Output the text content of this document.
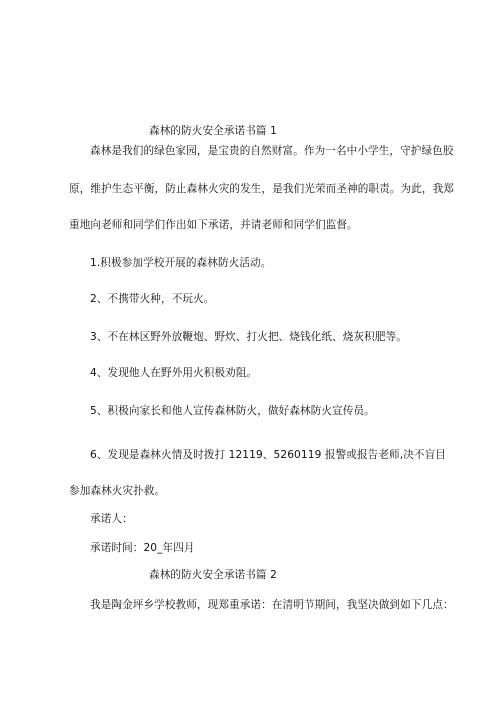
森林的防火安全承诺书篇 1
森林是我们的绿色家园，是宝贵的自然财富。作为一名中小学生，守护绿色胶
原，维护生态平衡，防止森林火灾的发生，是我们光荣而圣神的职责。为此，我郑
重地向老师和同学们作出如下承诺，并请老师和同学们监督。
1.积极参加学校开展的森林防火活动。
2、不携带火种，不玩火。
3、不在林区野外放鞭炮、野炊、打火把、烧钱化纸、烧灰积肥等。
4、发现他人在野外用火积极劝阻。
5、积极向家长和他人宣传森林防火，做好森林防火宣传员。
6、发现是森林火情及时拨打 12119、5260119 报警或报告老师,决不盲目
参加森林火灾扑救。
承诺人：
承诺时间：20_年四月
森林的防火安全承诺书篇 2
我是陶金坪乡学校教师，现郑重承诺：在清明节期间，我坚决做到如下几点：
